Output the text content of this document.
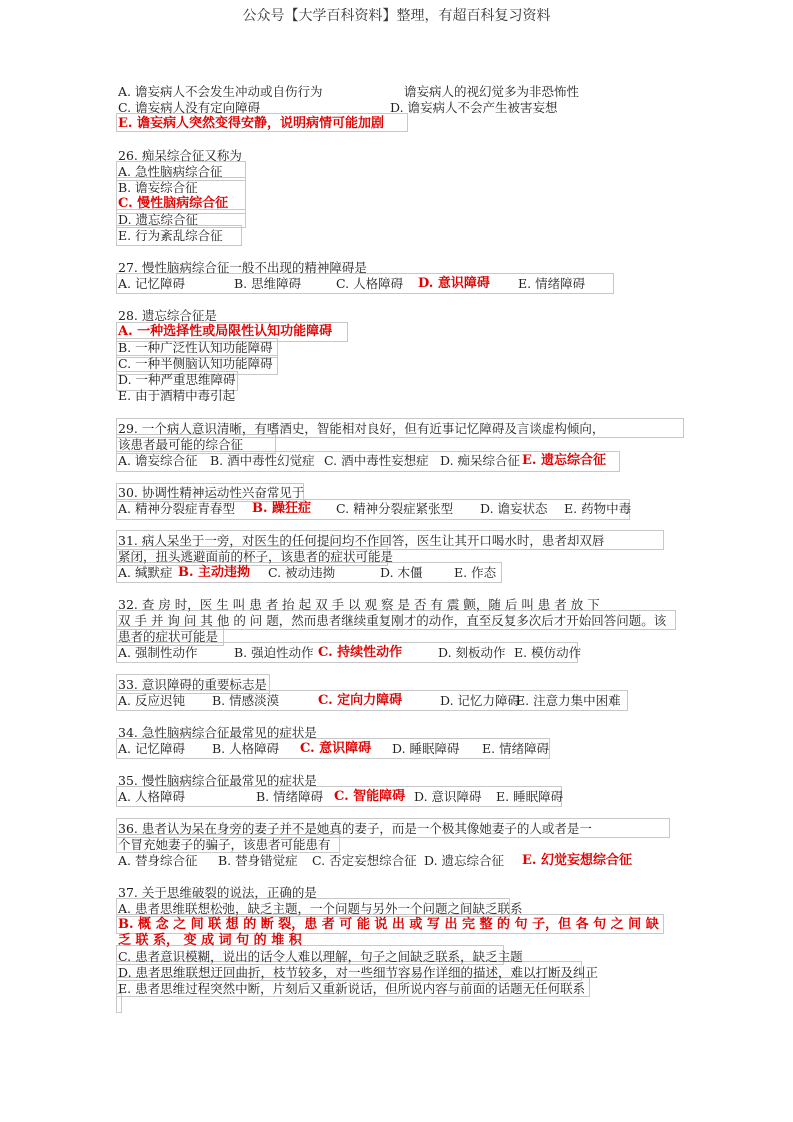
公众号【大学百科资料】整理，有超百科复习资料
A. 谵妄病人不会发生冲动或自伤行为	谵妄病人的视幻觉多为非恐怖性
C. 谵妄病人没有定向障碍	D. 谵妄病人不会产生被害妄想
E. 谵妄病人突然变得安静，说明病情可能加剧
26. 痴呆综合征又称为
A. 急性脑病综合征
B. 谵妄综合征
C. 慢性脑病综合征
D. 遗忘综合征
E. 行为紊乱综合征
27. 慢性脑病综合征一般不出现的精神障碍是
A. 记忆障碍	B. 思维障碍	C. 人格障碍 D. 意识障碍 E. 情绪障碍
28. 遗忘综合征是
A. 一种选择性或局限性认知功能障碍
B. 一种广泛性认知功能障碍
C. 一种半侧脑认知功能障碍
D. 一种严重思维障碍
E. 由于酒精中毒引起
29. 一个病人意识清晰，有嗜酒史，智能相对良好，但有近事记忆障碍及言谈虚构倾向，
该患者最可能的综合征
A. 谵妄综合征 B. 酒中毒性幻觉症 C. 酒中毒性妄想症 D. 痴呆综合征 E. 遗忘综合征
30. 协调性精神运动性兴奋常见于
A. 精神分裂症青春型 B. 躁狂症 C. 精神分裂症紧张型 D. 谵妄状态 E. 药物中毒
31. 病人呆坐于一旁，对医生的任何提问均不作回答，医生让其开口喝水时，患者却双唇
紧闭，扭头逃避面前的杯子，该患者的症状可能是
A. 缄默症 B. 主动违拗 C. 被动违拗	D. 木僵	E. 作态
32. 查 房 时，医 生 叫 患 者 抬 起 双 手 以 观 察 是 否 有 震 颤，随 后 叫 患 者 放 下
双 手 并 询 问 其 他 的 问 题，然而患者继续重复刚才的动作，直至反复多次后才开始回答问题。该
患者的症状可能是
A. 强制性动作	B. 强迫性动作 C. 持续性动作	D. 刻板动作 E. 模仿动作
33. 意识障碍的重要标志是
A. 反应迟钝 B. 情感淡漠	C. 定向力障碍	D. 记忆力障碍
E. 注意力集中困难
34. 急性脑病综合征最常见的症状是
A. 记忆障碍 B. 人格障碍 C. 意识障碍 D. 睡眠障碍 E. 情绪障碍
35. 慢性脑病综合征最常见的症状是
A. 人格障碍	B. 情绪障碍 C. 智能障碍 D. 意识障碍 E. 睡眠障碍
36. 患者认为呆在身旁的妻子并不是她真的妻子，而是一个极其像她妻子的人或者是一
个冒充她妻子的骗子，该患者可能患有
A. 替身综合征 B. 替身错觉症 C. 否定妄想综合征 D. 遗忘综合征 E. 幻觉妄想综合征
37. 关于思维破裂的说法，正确的是
A. 患者思维联想松弛，缺乏主题，一个问题与另外一个问题之间缺乏联系
B. 概 念 之 间 联 想 的 断 裂，患 者 可 能 说 出 或 写 出 完 整 的 句 子，但 各 句 之 间 缺
乏 联 系， 变 成 词 句 的 堆 积
C. 患者意识模糊，说出的话令人难以理解，句子之间缺乏联系，缺乏主题
D. 患者思维联想迂回曲折，枝节较多，对一些细节容易作详细的描述，难以打断及纠正
E. 患者思维过程突然中断，片刻后又重新说话，但所说内容与前面的话题无任何联系
